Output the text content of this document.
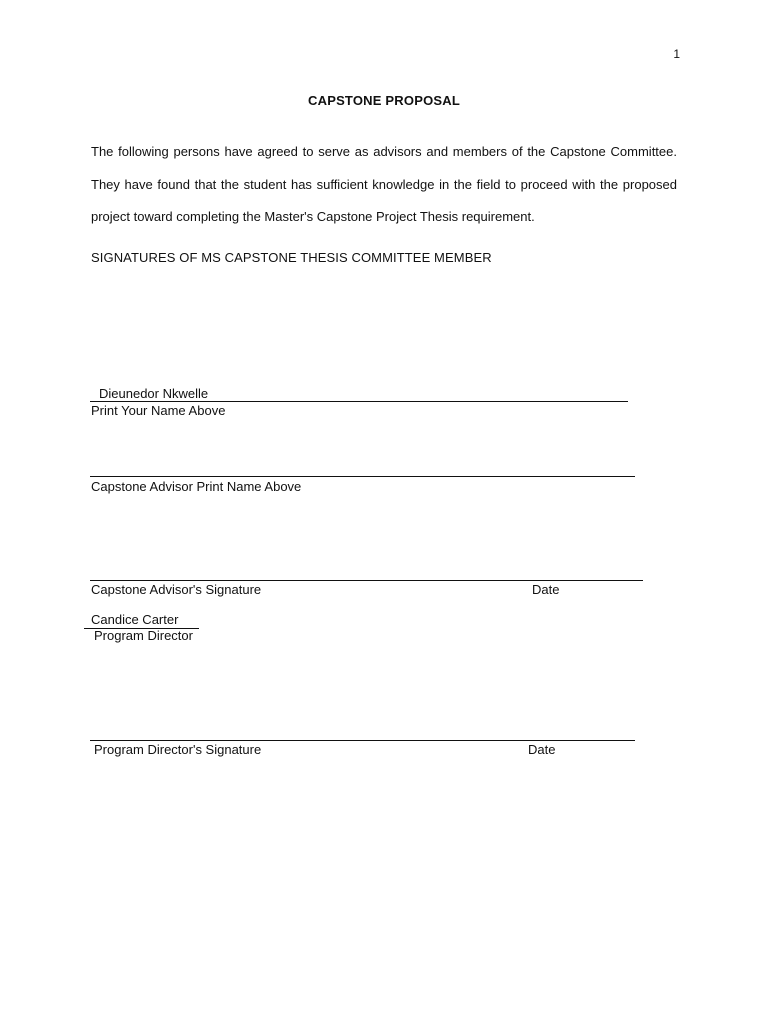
1
CAPSTONE PROPOSAL
The following persons have agreed to serve as advisors and members of the Capstone Committee. They have found that the student has sufficient knowledge in the field to proceed with the proposed project toward completing the Master's Capstone Project Thesis requirement.
SIGNATURES OF MS CAPSTONE THESIS COMMITTEE MEMBER
Dieunedor Nkwelle
Print Your Name Above
Capstone Advisor Print Name Above
Capstone Advisor's Signature	Date
Candice Carter
Program Director
Program Director's Signature	Date
